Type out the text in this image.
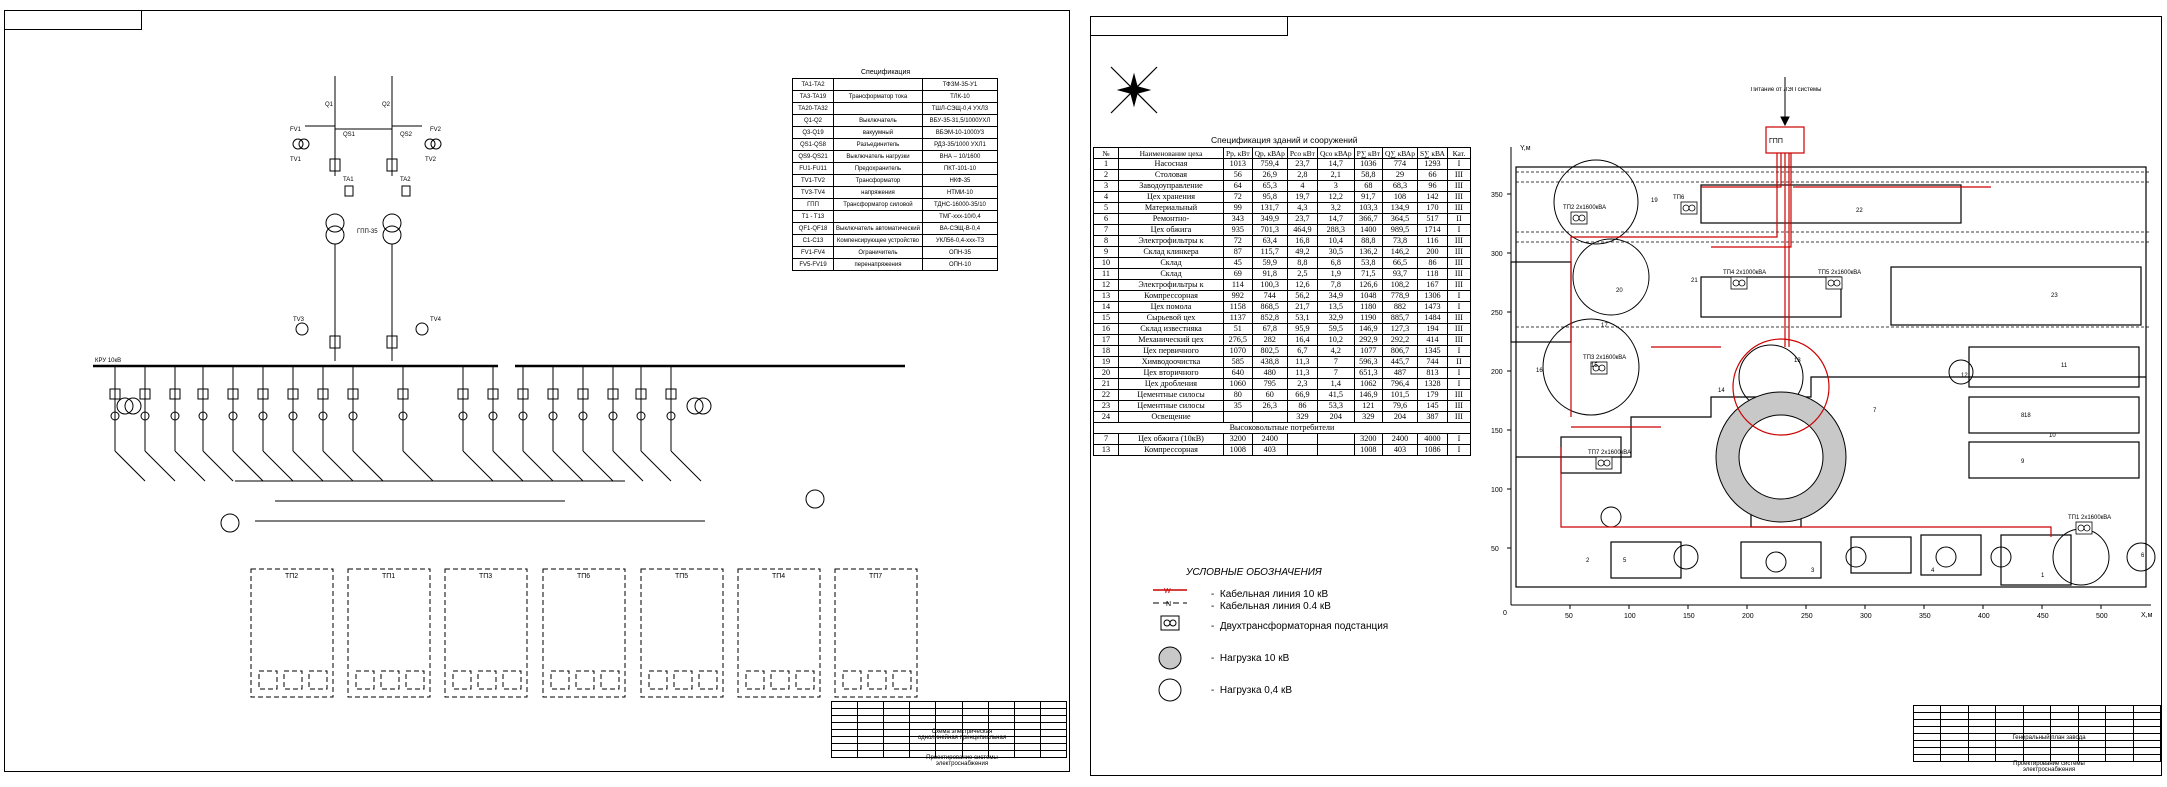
Q1	Q2
QS1	QS2
TV1	TV2
FV1	FV2
TA1	TA2
TV3	TV4
ГПП-35
КРУ 10кВ
ТП2	ТП1	ТП3	ТП6	ТП5	ТП4	ТП7
Спецификация
TA1-TA2		ТФЗМ-35-У1
TA3-TA19	Трансформатор тока	ТЛК-10
TA20-TA32		ТШЛ-СЭЩ-0,4 УХЛ3
Q1-Q2	Выключатель	ВБУ-35-31,5/1000УХЛ
Q3-Q19	вакуумный	ВБЭМ-10-1000У3
QS1-QS8	Разъединитель	РДЗ-35/1000 УХЛ1
QS9-QS21	Выключатель нагрузки	ВНА – 10/1600
FU1-FU11	Предохранитель	ПКТ-101-10
TV1-TV2	Трансформатор	НКФ-35
TV3-TV4	напряжения	НТМИ-10
ГПП	Трансформатор силовой	ТДНС-16000-35/10
T1 - T13		ТМГ-xxx-10/0,4
QF1-QF18	Выключатель автоматический	ВА-СЭЩ-В-0,4
C1-C13	Компенсирующее устройство	УКЛ56-0,4-xxx-Т3
FV1-FV4	Ограничитель	ОПН-35
FV5-FV19	перенапряжения	ОПН-10

Схема электрическая однолинейная принципиальная
Проектирование системы электроснабжения
50	100	150	200	250	300	350	400	450	500
350
300
250
200
150
100
50
Y,м
X,м
0
ТП1 2х1600кВА
ТП2 2х1600кВА
ТП3 2х1600кВА
ТП4 2х1000кВА	ТП5 2х1600кВА
ТП6
ТП7 2х1600кВА
1
2
3	4
5
6
7
8
9
10
11
12
13
14
15
16
17
18
19
20
21
22
23
ГПП
Питание от ЛЭП системы
Спецификация зданий и сооружений
№	Наименование цеха	Pp, кВт	Qp, кВАр	Pco кВт	Qco кВАр	P∑ кВт	Q∑ кВАр	S∑ кВА	Кат.
1	Насосная	1013	759,4	23,7	14,7	1036	774	1293	I
2	Столовая	56	26,9	2,8	2,1	58,8	29	66	III
3	Заводоуправление	64	65,3	4	3	68	68,3	96	III
4	Цех хранения	72	95,8	19,7	12,2	91,7	108	142	III
5	Материальный	99	131,7	4,3	3,2	103,3	134,9	170	III
6	Ремонтно-	343	349,9	23,7	14,7	366,7	364,5	517	II
7	Цех обжига	935	701,3	464,9	288,3	1400	989,5	1714	I
8	Электрофильтры к	72	63,4	16,8	10,4	88,8	73,8	116	III
9	Склад клинкера	87	115,7	49,2	30,5	136,2	146,2	200	III
10	Склад	45	59,9	8,8	6,8	53,8	66,5	86	III
11	Склад	69	91,8	2,5	1,9	71,5	93,7	118	III
12	Электрофильтры к	114	100,3	12,6	7,8	126,6	108,2	167	III
13	Компрессорная	992	744	56,2	34,9	1048	778,9	1306	I
14	Цех помола	1158	868,5	21,7	13,5	1180	882	1473	I
15	Сырьевой цех	1137	852,8	53,1	32,9	1190	885,7	1484	III
16	Склад известняка	51	67,8	95,9	59,5	146,9	127,3	194	III
17	Механический цех	276,5	282	16,4	10,2	292,9	292,2	414	III
18	Цех первичного	1070	802,5	6,7	4,2	1077	806,7	1345	I
19	Химводоочистка	585	438,8	11,3	7	596,3	445,7	744	II
20	Цех вторичного	640	480	11,3	7	651,3	487	813	I
21	Цех дробления	1060	795	2,3	1,4	1062	796,4	1328	I
22	Цементные силосы	80	60	66,9	41,5	146,9	101,5	179	III
23	Цементные силосы	35	26,3	86	53,3	121	79,6	145	III
24	Освещение			329	204	329	204	387	III
Высоковольтные потребители									
7	Цех обжига (10кВ)	3200	2400			3200	2400	4000	I
13	Компрессорная	1008	403			1008	403	1086	I
УСЛОВНЫЕ ОБОЗНАЧЕНИЯ
W
N
- Кабельная линия 10 кВ
- Кабельная линия 0.4 кВ
- Двухтрансформаторная подстанция
- Нагрузка 10 кВ
- Нагрузка 0,4 кВ

Генеральный план завода
Проектирование системы электроснабжения
